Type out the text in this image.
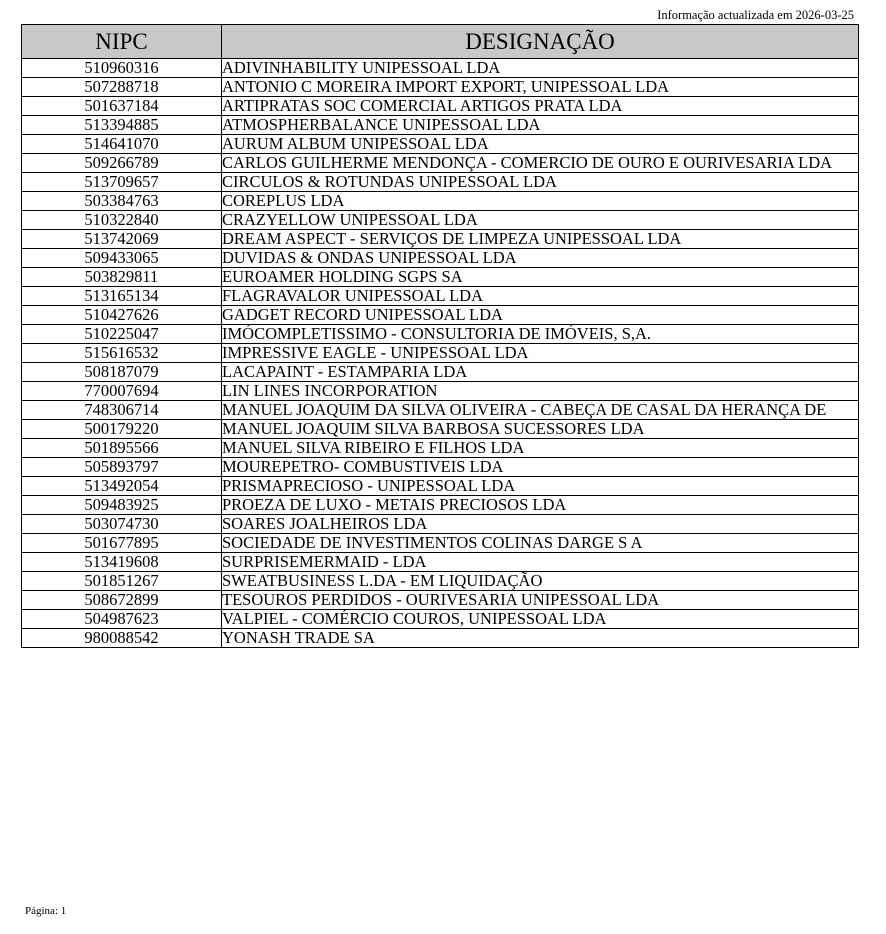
Informação actualizada em 2026-03-25
NIPC	DESIGNAÇÃO
510960316	ADIVINHABILITY UNIPESSOAL LDA
507288718	ANTONIO C MOREIRA IMPORT EXPORT, UNIPESSOAL LDA
501637184	ARTIPRATAS SOC COMERCIAL ARTIGOS PRATA LDA
513394885	ATMOSPHERBALANCE UNIPESSOAL LDA
514641070	AURUM ALBUM UNIPESSOAL LDA
509266789	CARLOS GUILHERME MENDONÇA - COMERCIO DE OURO E OURIVESARIA LDA
513709657	CIRCULOS & ROTUNDAS UNIPESSOAL LDA
503384763	COREPLUS LDA
510322840	CRAZYELLOW UNIPESSOAL LDA
513742069	DREAM ASPECT - SERVIÇOS DE LIMPEZA UNIPESSOAL LDA
509433065	DUVIDAS & ONDAS UNIPESSOAL LDA
503829811	EUROAMER HOLDING SGPS SA
513165134	FLAGRAVALOR UNIPESSOAL LDA
510427626	GADGET RECORD UNIPESSOAL LDA
510225047	IMÓCOMPLETISSIMO - CONSULTORIA DE IMÓVEIS, S,A.
515616532	IMPRESSIVE EAGLE - UNIPESSOAL LDA
508187079	LACAPAINT - ESTAMPARIA LDA
770007694	LIN LINES INCORPORATION
748306714	MANUEL JOAQUIM DA SILVA OLIVEIRA - CABEÇA DE CASAL DA HERANÇA DE
500179220	MANUEL JOAQUIM SILVA BARBOSA SUCESSORES LDA
501895566	MANUEL SILVA RIBEIRO E FILHOS LDA
505893797	MOUREPETRO- COMBUSTIVEIS LDA
513492054	PRISMAPRECIOSO - UNIPESSOAL LDA
509483925	PROEZA DE LUXO - METAIS PRECIOSOS LDA
503074730	SOARES JOALHEIROS LDA
501677895	SOCIEDADE DE INVESTIMENTOS COLINAS DARGE S A
513419608	SURPRISEMERMAID - LDA
501851267	SWEATBUSINESS L.DA - EM LIQUIDAÇÃO
508672899	TESOUROS PERDIDOS - OURIVESARIA UNIPESSOAL LDA
504987623	VALPIEL - COMÉRCIO COUROS, UNIPESSOAL LDA
980088542	YONASH TRADE SA
Página: 1
